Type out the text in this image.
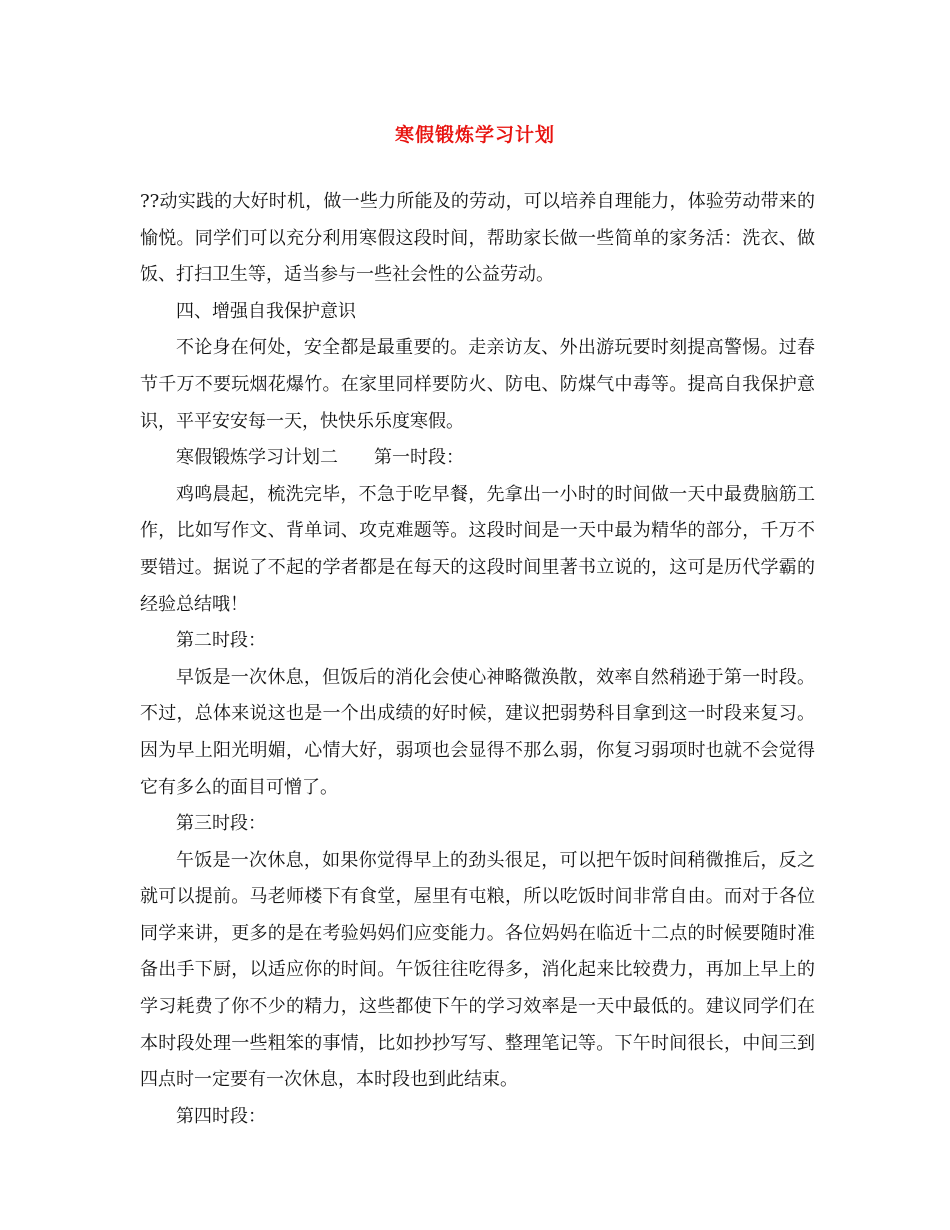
寒假锻炼学习计划

??动实践的大好时机，做一些力所能及的劳动，可以培养自理能力，体验劳动带来的愉悦。同学们可以充分利用寒假这段时间，帮助家长做一些简单的家务活：洗衣、做饭、打扫卫生等，适当参与一些社会性的公益劳动。

四、增强自我保护意识

不论身在何处，安全都是最重要的。走亲访友、外出游玩要时刻提高警惕。过春节千万不要玩烟花爆竹。在家里同样要防火、防电、防煤气中毒等。提高自我保护意识，平平安安每一天，快快乐乐度寒假。

寒假锻炼学习计划二 第一时段：

鸡鸣晨起，梳洗完毕，不急于吃早餐，先拿出一小时的时间做一天中最费脑筋工作，比如写作文、背单词、攻克难题等。这段时间是一天中最为精华的部分，千万不要错过。据说了不起的学者都是在每天的这段时间里著书立说的，这可是历代学霸的经验总结哦！

第二时段：

早饭是一次休息，但饭后的消化会使心神略微涣散，效率自然稍逊于第一时段。不过，总体来说这也是一个出成绩的好时候，建议把弱势科目拿到这一时段来复习。因为早上阳光明媚，心情大好，弱项也会显得不那么弱，你复习弱项时也就不会觉得它有多么的面目可憎了。

第三时段：

午饭是一次休息，如果你觉得早上的劲头很足，可以把午饭时间稍微推后，反之就可以提前。马老师楼下有食堂，屋里有屯粮，所以吃饭时间非常自由。而对于各位同学来讲，更多的是在考验妈妈们应变能力。各位妈妈在临近十二点的时候要随时准备出手下厨，以适应你的时间。午饭往往吃得多，消化起来比较费力，再加上早上的学习耗费了你不少的精力，这些都使下午的学习效率是一天中最低的。建议同学们在本时段处理一些粗笨的事情，比如抄抄写写、整理笔记等。下午时间很长，中间三到四点时一定要有一次休息，本时段也到此结束。

第四时段：
